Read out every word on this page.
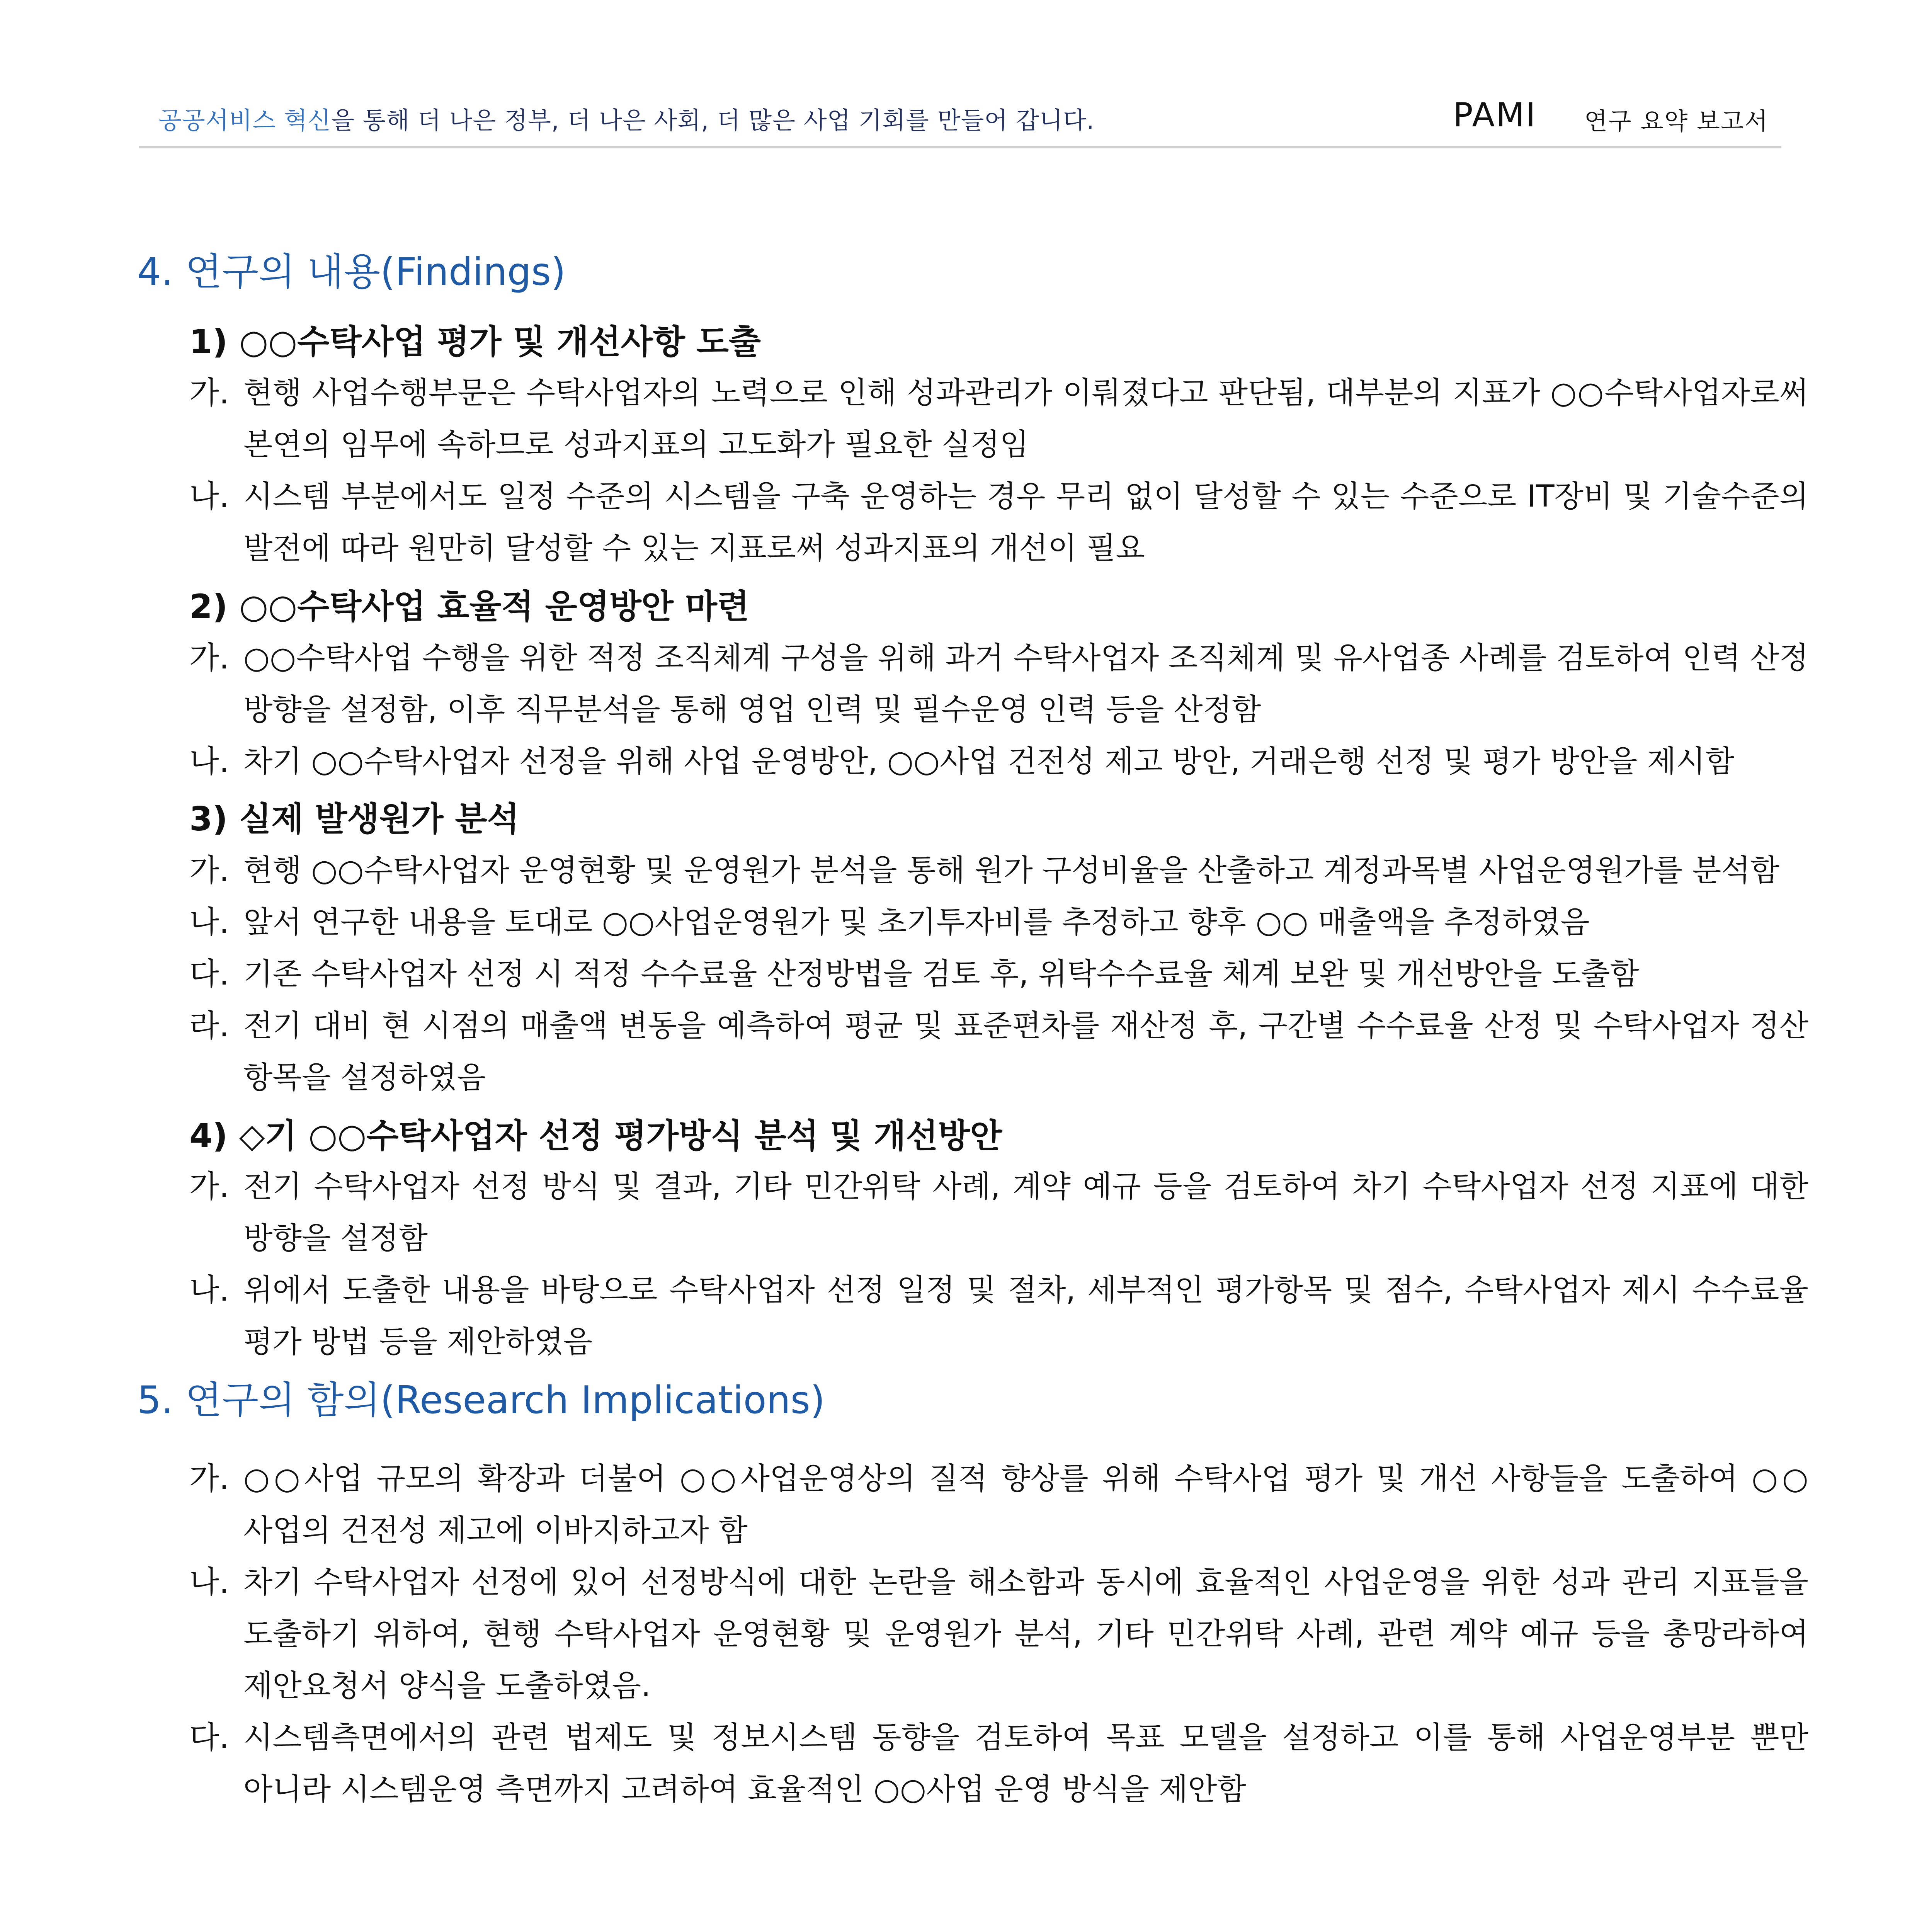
공공서비스 혁신을 통해 더 나은 정부, 더 나은 사회, 더 많은 사업 기회를 만들어 갑니다.	PAMI 연구 요약 보고서
4. 연구의 내용(Findings)
1) ○○수탁사업 평가 및 개선사항 도출
가. 현행 사업수행부문은 수탁사업자의 노력으로 인해 성과관리가 이뤄졌다고 판단됨, 대부분의 지표가 ○○수탁사업자로써 본연의 임무에 속하므로 성과지표의 고도화가 필요한 실정임
나. 시스템 부분에서도 일정 수준의 시스템을 구축 운영하는 경우 무리 없이 달성할 수 있는 수준으로 IT장비 및 기술수준의 발전에 따라 원만히 달성할 수 있는 지표로써 성과지표의 개선이 필요
2) ○○수탁사업 효율적 운영방안 마련
가. ○○수탁사업 수행을 위한 적정 조직체계 구성을 위해 과거 수탁사업자 조직체계 및 유사업종 사례를 검토하여 인력 산정 방향을 설정함, 이후 직무분석을 통해 영업 인력 및 필수운영 인력 등을 산정함
나. 차기 ○○수탁사업자 선정을 위해 사업 운영방안, ○○사업 건전성 제고 방안, 거래은행 선정 및 평가 방안을 제시함
3) 실제 발생원가 분석
가. 현행 ○○수탁사업자 운영현황 및 운영원가 분석을 통해 원가 구성비율을 산출하고 계정과목별 사업운영원가를 분석함
나. 앞서 연구한 내용을 토대로 ○○사업운영원가 및 초기투자비를 추정하고 향후 ○○ 매출액을 추정하였음
다. 기존 수탁사업자 선정 시 적정 수수료율 산정방법을 검토 후, 위탁수수료율 체계 보완 및 개선방안을 도출함
라. 전기 대비 현 시점의 매출액 변동을 예측하여 평균 및 표준편차를 재산정 후, 구간별 수수료율 산정 및 수탁사업자 정산 항목을 설정하였음
4) ◇기 ○○수탁사업자 선정 평가방식 분석 및 개선방안
가. 전기 수탁사업자 선정 방식 및 결과, 기타 민간위탁 사례, 계약 예규 등을 검토하여 차기 수탁사업자 선정 지표에 대한 방향을 설정함
나. 위에서 도출한 내용을 바탕으로 수탁사업자 선정 일정 및 절차, 세부적인 평가항목 및 점수, 수탁사업자 제시 수수료율 평가 방법 등을 제안하였음
5. 연구의 함의(Research Implications)
가. ○○사업 규모의 확장과 더불어 ○○사업운영상의 질적 향상를 위해 수탁사업 평가 및 개선 사항들을 도출하여 ○○사업의 건전성 제고에 이바지하고자 함
나. 차기 수탁사업자 선정에 있어 선정방식에 대한 논란을 해소함과 동시에 효율적인 사업운영을 위한 성과 관리 지표들을 도출하기 위하여, 현행 수탁사업자 운영현황 및 운영원가 분석, 기타 민간위탁 사례, 관련 계약 예규 등을 총망라하여 제안요청서 양식을 도출하였음.
다. 시스템측면에서의 관련 법제도 및 정보시스템 동향을 검토하여 목표 모델을 설정하고 이를 통해 사업운영부분 뿐만 아니라 시스템운영 측면까지 고려하여 효율적인 ○○사업 운영 방식을 제안함
